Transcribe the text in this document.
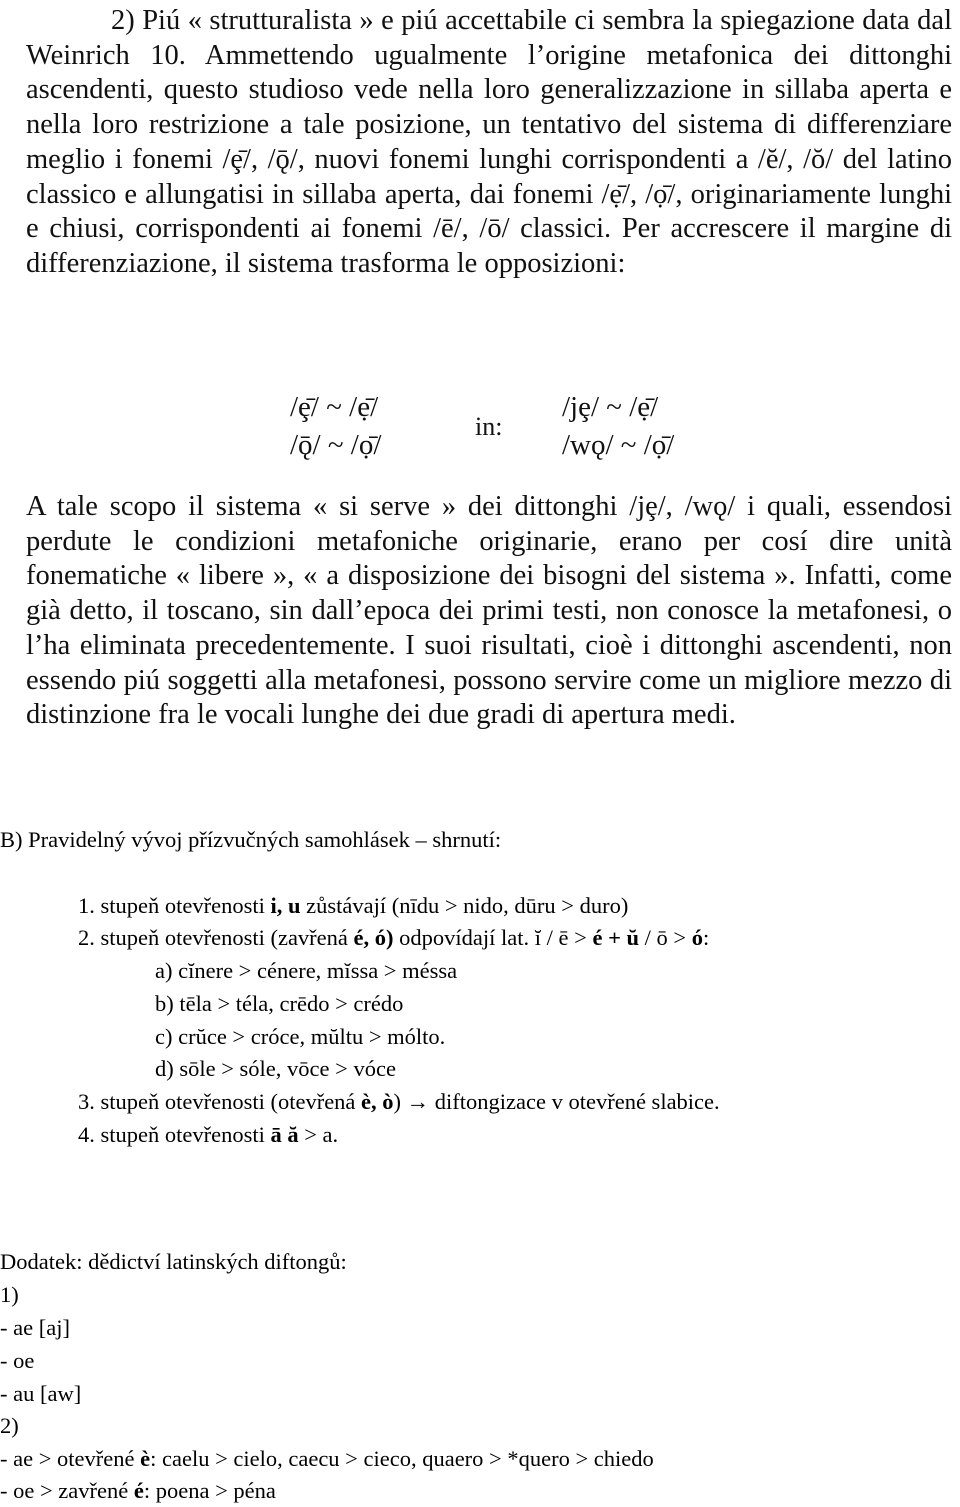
2) Piú « strutturalista » e piú accettabile ci sembra la spiegazione data dal Weinrich 10. Ammettendo ugualmente l’origine metafonica dei dittonghi ascendenti, questo studioso vede nella loro generalizzazione in sillaba aperta e nella loro restrizione a tale posizione, un tentativo del sistema di differenziare meglio i fonemi /ȩ̄/, /ǭ/, nuovi fonemi lunghi corrispondenti a /ĕ/, /ŏ/ del latino classico e allungatisi in sillaba aperta, dai fonemi /ẹ̄/, /ọ̄/, originariamente lunghi e chiusi, corrispondenti ai fonemi /ē/, /ō/ classici. Per accrescere il margine di differenziazione, il sistema trasforma le opposizioni:

/ȩ̄/ ~ /ẹ̄/
/ǭ/ ~ /ọ̄/
in:
/jȩ/ ~ /ẹ̄/
/wǫ/ ~ /ọ̄/

A tale scopo il sistema « si serve » dei dittonghi /jȩ/, /wǫ/ i quali, essendosi perdute le condizioni metafoniche originarie, erano per cosí dire unità fonematiche « libere », « a disposizione dei bisogni del sistema ». Infatti, come già detto, il toscano, sin dall’epoca dei primi testi, non conosce la metafonesi, o l’ha eliminata precedentemente. I suoi risultati, cioè i dittonghi ascendenti, non essendo piú soggetti alla metafonesi, possono servire come un migliore mezzo di distinzione fra le vocali lunghe dei due gradi di apertura medi.

B) Pravidelný vývoj přízvučných samohlásek – shrnutí:
1. stupeň otevřenosti i, u zůstávají (nīdu > nido, dūru > duro)
2. stupeň otevřenosti (zavřená é, ó) odpovídají lat. ĭ / ē > é + ŭ / ō > ó:
a) cĭnere > cénere, mĭssa > méssa
b) tēla > téla, crēdo > crédo
c) crŭce > cróce, mŭltu > mólto.
d) sōle > sóle, vōce > vóce
3. stupeň otevřenosti (otevřená è, ò) → diftongizace v otevřené slabice.
4. stupeň otevřenosti ā ă > a.
Dodatek: dědictví latinských diftongů:
1)
- ae [aj]
- oe
- au [aw]
2)
- ae > otevřené è: caelu > cielo, caecu > cieco, quaero > *quero > chiedo
- oe > zavřené é: poena > péna
